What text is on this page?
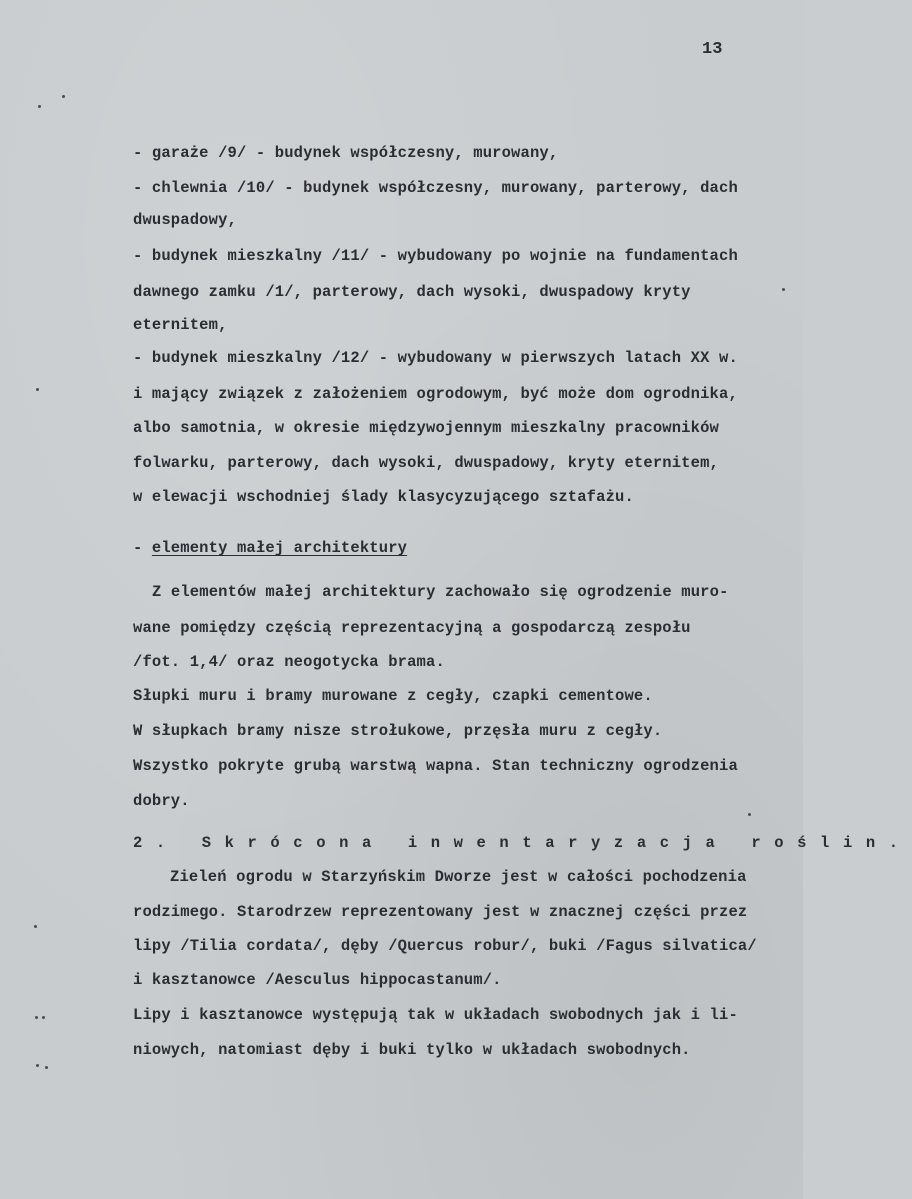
13
- garaże /9/ - budynek współczesny, murowany,
- chlewnia /10/ - budynek współczesny, murowany, parterowy, dach
dwuspadowy,
- budynek mieszkalny /11/ - wybudowany po wojnie na fundamentach
dawnego zamku /1/, parterowy, dach wysoki, dwuspadowy kryty
eternitem,
- budynek mieszkalny /12/ - wybudowany w pierwszych latach XX w.
i mający związek z założeniem ogrodowym, być może dom ogrodnika,
albo samotnia, w okresie międzywojennym mieszkalny pracowników
folwarku, parterowy, dach wysoki, dwuspadowy, kryty eternitem,
w elewacji wschodniej ślady klasycyzującego sztafażu.
- elementy małej architektury
Z elementów małej architektury zachowało się ogrodzenie muro-
wane pomiędzy częścią reprezentacyjną a gospodarczą zespołu
/fot. 1,4/ oraz neogotycka brama.
Słupki muru i bramy murowane z cegły, czapki cementowe.
W słupkach bramy nisze strołukowe, przęsła muru z cegły.
Wszystko pokryte grubą warstwą wapna. Stan techniczny ogrodzenia
dobry.
2. Skrócona inwentaryzacja roślin.
Zieleń ogrodu w Starzyńskim Dworze jest w całości pochodzenia
rodzimego. Starodrzew reprezentowany jest w znacznej części przez
lipy /Tilia cordata/, dęby /Quercus robur/, buki /Fagus silvatica/
i kasztanowce /Aesculus hippocastanum/.
Lipy i kasztanowce występują tak w układach swobodnych jak i li-
niowych, natomiast dęby i buki tylko w układach swobodnych.
